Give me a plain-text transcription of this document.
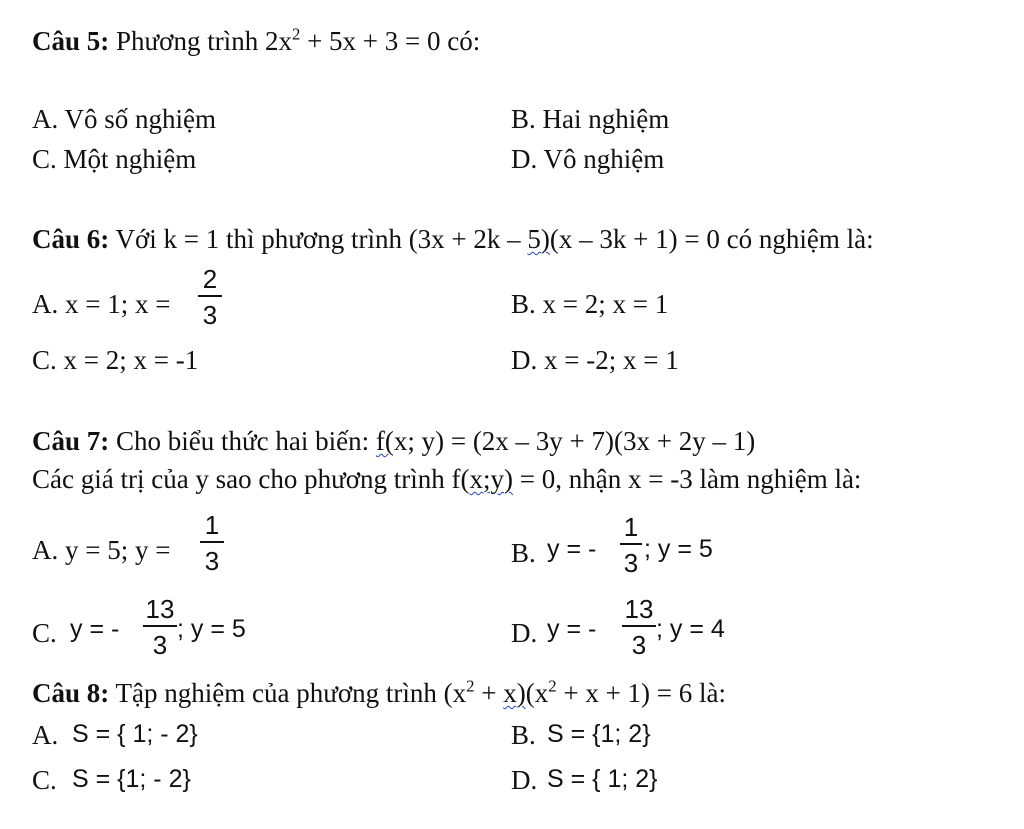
Câu 5: Phương trình $2x^2 + 5x + 3 = 0$ có:
A. Vô số nghiệm	B. Hai nghiệm
C. Một nghiệm	D. Vô nghiệm
Câu 6: Với k = 1 thì phương trình (3x + 2k – 5)(x – 3k + 1) = 0 có nghiệm là:
A. x = 1; x =
2
3	B. x = 2; x = 1
C. x = 2; x = -1	D. x = -2; x = 1
Câu 7: Cho biểu thức hai biến: f(x; y) = (2x – 3y + 7)(3x + 2y – 1)
Các giá trị của y sao cho phương trình f(x;y) = 0, nhận x = -3 làm nghiệm là:
A. y = 5; y =
1
3	B. y = -
1
3 ; y = 5
C. y = -
13
3
; y = 5	D. y = -
13
3
; y = 4
Câu 8: Tập nghiệm của phương trình $(x^2 + x)(x^2 + x + 1) = 6$ là:
A. S = { 1; - 2}	B. S = {1; 2}
C. S = {1; - 2}	D. S = { 1; 2}
